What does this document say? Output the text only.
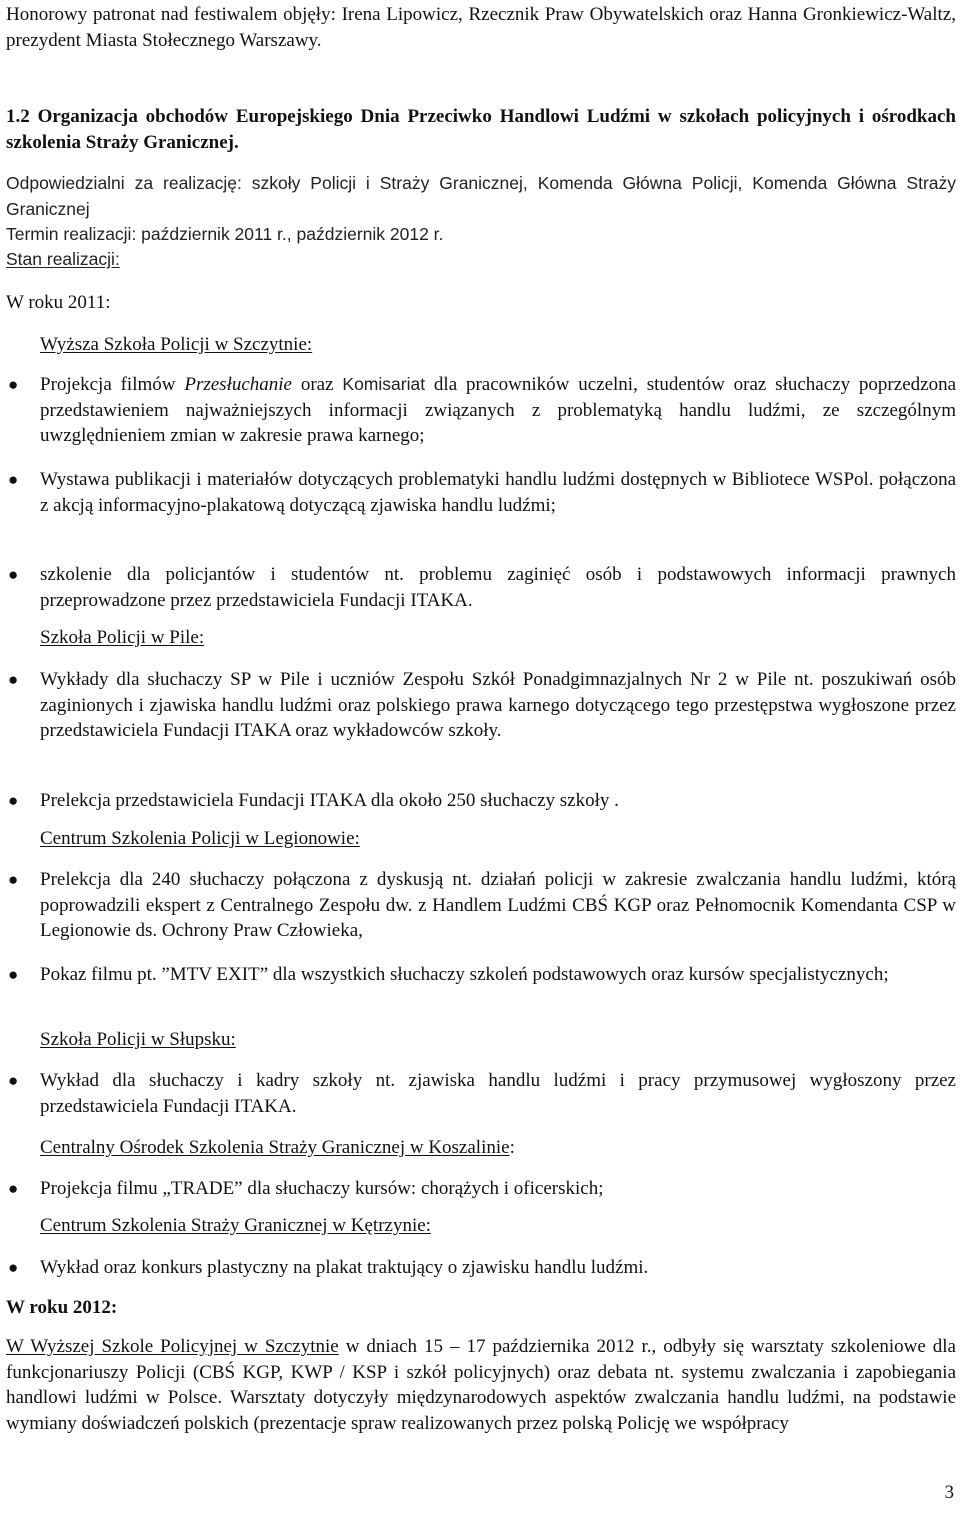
Honorowy patronat nad festiwalem objęły: Irena Lipowicz, Rzecznik Praw Obywatelskich oraz Hanna Gronkiewicz-Waltz, prezydent Miasta Stołecznego Warszawy.

1.2 Organizacja obchodów Europejskiego Dnia Przeciwko Handlowi Ludźmi w szkołach policyjnych i ośrodkach szkolenia Straży Granicznej.

Odpowiedzialni za realizację: szkoły Policji i Straży Granicznej, Komenda Główna Policji, Komenda Główna Straży Granicznej

Termin realizacji: październik 2011 r., październik 2012 r.

Stan realizacji:

W roku 2011:

Wyższa Szkoła Policji w Szczytnie:

● Projekcja filmów Przesłuchanie oraz Komisariat dla pracowników uczelni, studentów oraz słuchaczy poprzedzona przedstawieniem najważniejszych informacji związanych z problematyką handlu ludźmi, ze szczególnym uwzględnieniem zmian w zakresie prawa karnego;

● Wystawa publikacji i materiałów dotyczących problematyki handlu ludźmi dostępnych w Bibliotece WSPol. połączona z akcją informacyjno-plakatową dotyczącą zjawiska handlu ludźmi;

● szkolenie dla policjantów i studentów nt. problemu zaginięć osób i podstawowych informacji prawnych przeprowadzone przez przedstawiciela Fundacji ITAKA.

Szkoła Policji w Pile:

● Wykłady dla słuchaczy SP w Pile i uczniów Zespołu Szkół Ponadgimnazjalnych Nr 2 w Pile nt. poszukiwań osób zaginionych i zjawiska handlu ludźmi oraz polskiego prawa karnego dotyczącego tego przestępstwa wygłoszone przez przedstawiciela Fundacji ITAKA oraz wykładowców szkoły.

● Prelekcja przedstawiciela Fundacji ITAKA dla około 250 słuchaczy szkoły .

Centrum Szkolenia Policji w Legionowie:

● Prelekcja dla 240 słuchaczy połączona z dyskusją nt. działań policji w zakresie zwalczania handlu ludźmi, którą poprowadzili ekspert z Centralnego Zespołu dw. z Handlem Ludźmi CBŚ KGP oraz Pełnomocnik Komendanta CSP w Legionowie ds. Ochrony Praw Człowieka,

● Pokaz filmu pt. ”MTV EXIT” dla wszystkich słuchaczy szkoleń podstawowych oraz kursów specjalistycznych;

Szkoła Policji w Słupsku:

● Wykład dla słuchaczy i kadry szkoły nt. zjawiska handlu ludźmi i pracy przymusowej wygłoszony przez przedstawiciela Fundacji ITAKA.

Centralny Ośrodek Szkolenia Straży Granicznej w Koszalinie:

● Projekcja filmu „TRADE” dla słuchaczy kursów: chorążych i oficerskich;

Centrum Szkolenia Straży Granicznej w Kętrzynie:

● Wykład oraz konkurs plastyczny na plakat traktujący o zjawisku handlu ludźmi.

W roku 2012:

W Wyższej Szkole Policyjnej w Szczytnie w dniach 15 – 17 października 2012 r., odbyły się warsztaty szkoleniowe dla funkcjonariuszy Policji (CBŚ KGP, KWP / KSP i szkół policyjnych) oraz debata nt. systemu zwalczania i zapobiegania handlowi ludźmi w Polsce. Warsztaty dotyczyły międzynarodowych aspektów zwalczania handlu ludźmi, na podstawie wymiany doświadczeń polskich (prezentacje spraw realizowanych przez polską Policję we współpracy

3
